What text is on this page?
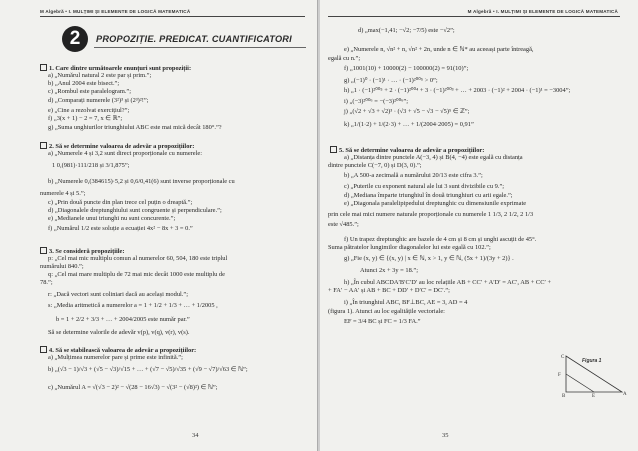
M Algebră • I. MULȚIMI ȘI ELEMENTE DE LOGICĂ MATEMATICĂ
2	PROPOZIȚIE. PREDICAT. CUANTIFICATORI
1. Care dintre următoarele enunțuri sunt propoziții:
a) „Numărul natural 2 este par și prim.”;
b) „Anul 2004 este bisect.”;
c) „Rombul este paralelogram.”;
d) „Comparați numerele (3²)³ și (2³)²!”;
e) „Cine a rezolvat exercițiul?”;
f) „3(x + 1) − 2 = 7, x ∈ ℝ”;
g) „Suma unghiurilor triunghiului ABC este mai mică decât 180°.”?
2. Să se determine valoarea de adevăr a propozițiilor:
a) „Numerele 4 și 3,2 sunt direct proporționale cu numerele:
1 0,(981)·111/218 și 3/1,875”;
b) „Numerele 0,(384615)·5,2 și 0,6/0,41(6) sunt inverse proporționale cu
numerele 4 și 5.”;
c) „Prin două puncte din plan trece cel puțin o dreaptă.”;
d) „Diagonalele dreptunghiului sunt congruente și perpendiculare.”;
e) „Medianele unui triunghi nu sunt concurente.”;
f) „Numărul 1/2 este soluție a ecuației 4x² − 8x + 3 = 0.”
3. Se consideră propozițiile:
p: „Cel mai mic multiplu comun al numerelor 60, 504, 180 este triplul
numărului 840.”;
q: „Cel mai mare multiplu de 72 mai mic decât 1000 este multiplu de
78.”;
r: „Dacă vectori sunt coliniari dacă au același modul.”;
s: „Media aritmetică a numerelor a = 1 + 1/2 + 1/3 + … + 1/2005 ,
b = 1 + 2/2 + 3/3 + … + 2004/2005 este număr par.”
Să se determine valorile de adevăr v(p), v(q), v(r), v(s).
4. Să se stabilească valoarea de adevăr a propozițiilor:
a) „Mulțimea numerelor pare și prime este infinită.”;
b) „(√3 − 1)/√3 + (√5 − √3)/√15 + … + (√7 − √5)/√35 + (√9 − √7)/√63 ∈ ℕ”;
c) „Numărul A = √(√3 − 2)² − √(28 − 16√3) − √(3² − (√8)²) ∈ ℕ”;
34
M Algebră • I. MULȚIMI ȘI ELEMENTE DE LOGICĂ MATEMATICĂ
d) „max(−1,41; −√2; −7/5) este −√2”;
e) „Numerele n, √n² + n, √n² + 2n, unde n ∈ ℕ* au aceeași parte întreagă,
egală cu n.”;
f) „1001(10) + 10000(2) − 100000(2) = 91(10)”;
g) „(−1)⁰ · (−1)¹ · … · (−1)²⁰⁰⁵ > 0”;
h) „1 · (−1)²⁰⁰⁵ + 2 · (−1)²⁰⁰⁴ + 3 · (−1)²⁰⁰³ + … + 2003 · (−1)² + 2004 · (−1)¹ = −3004”;
i) „(−3)²⁰⁰⁶ = −(−3)²⁰⁰⁶”;
j) „(√2 + √3 + √2)³ · (√3 + √5 − √3 − √5)⁵ ∈ ℤ”;
k) „1/(1·2) + 1/(2·3) + … + 1/(2004·2005) = 0,91”
5. Să se determine valoarea de adevăr a propozițiilor:
a) „Distanța dintre punctele A(−3, 4) și B(4, −4) este egală cu distanța
dintre punctele C(−7, 0) și D(3, 0).”;
b) „A 500-a zecimală a numărului 20/13 este cifra 3.”;
c) „Puterile cu exponent natural ale lui 3 sunt divizibile cu 9.”;
d) „Mediana împarte triunghiul în două triunghiuri cu arii egale.”;
e) „Diagonala paralelipipedului dreptunghic cu dimensiunile exprimate
prin cele mai mici numere naturale proporționale cu numerele 1 1/3, 2 1/2, 2 1/3
este √485.”;
f) Un trapez dreptunghic are bazele de 4 cm și 8 cm și unghi ascuțit de 45°.
Suma pătratelor lungimilor diagonalelor lui este egală cu 102.”;
g) „Fie (x, y) ∈ {(x, y) | x ∈ ℕ, x > 1, y ∈ ℕ, (5x + 1)/(3y + 2)} .
Atunci 2x + 3y = 18.”;
h) „În cubul ABCDA′B′C′D′ au loc relațiile AB + CC′ + A′D′ = AC′, AB + CC′ +
+ FA′ − AA′ și AB + BC + DD′ + D′C′ = DC′.”;
i) „În triunghiul ABC, BF⊥BC, AE = 3, AD = 4
(figura 1). Atunci au loc egalitățile vectoriale:
EF = 3/4 BC și FC = 1/3 FA.”
Figura 1
C
F
B	E	A
35
